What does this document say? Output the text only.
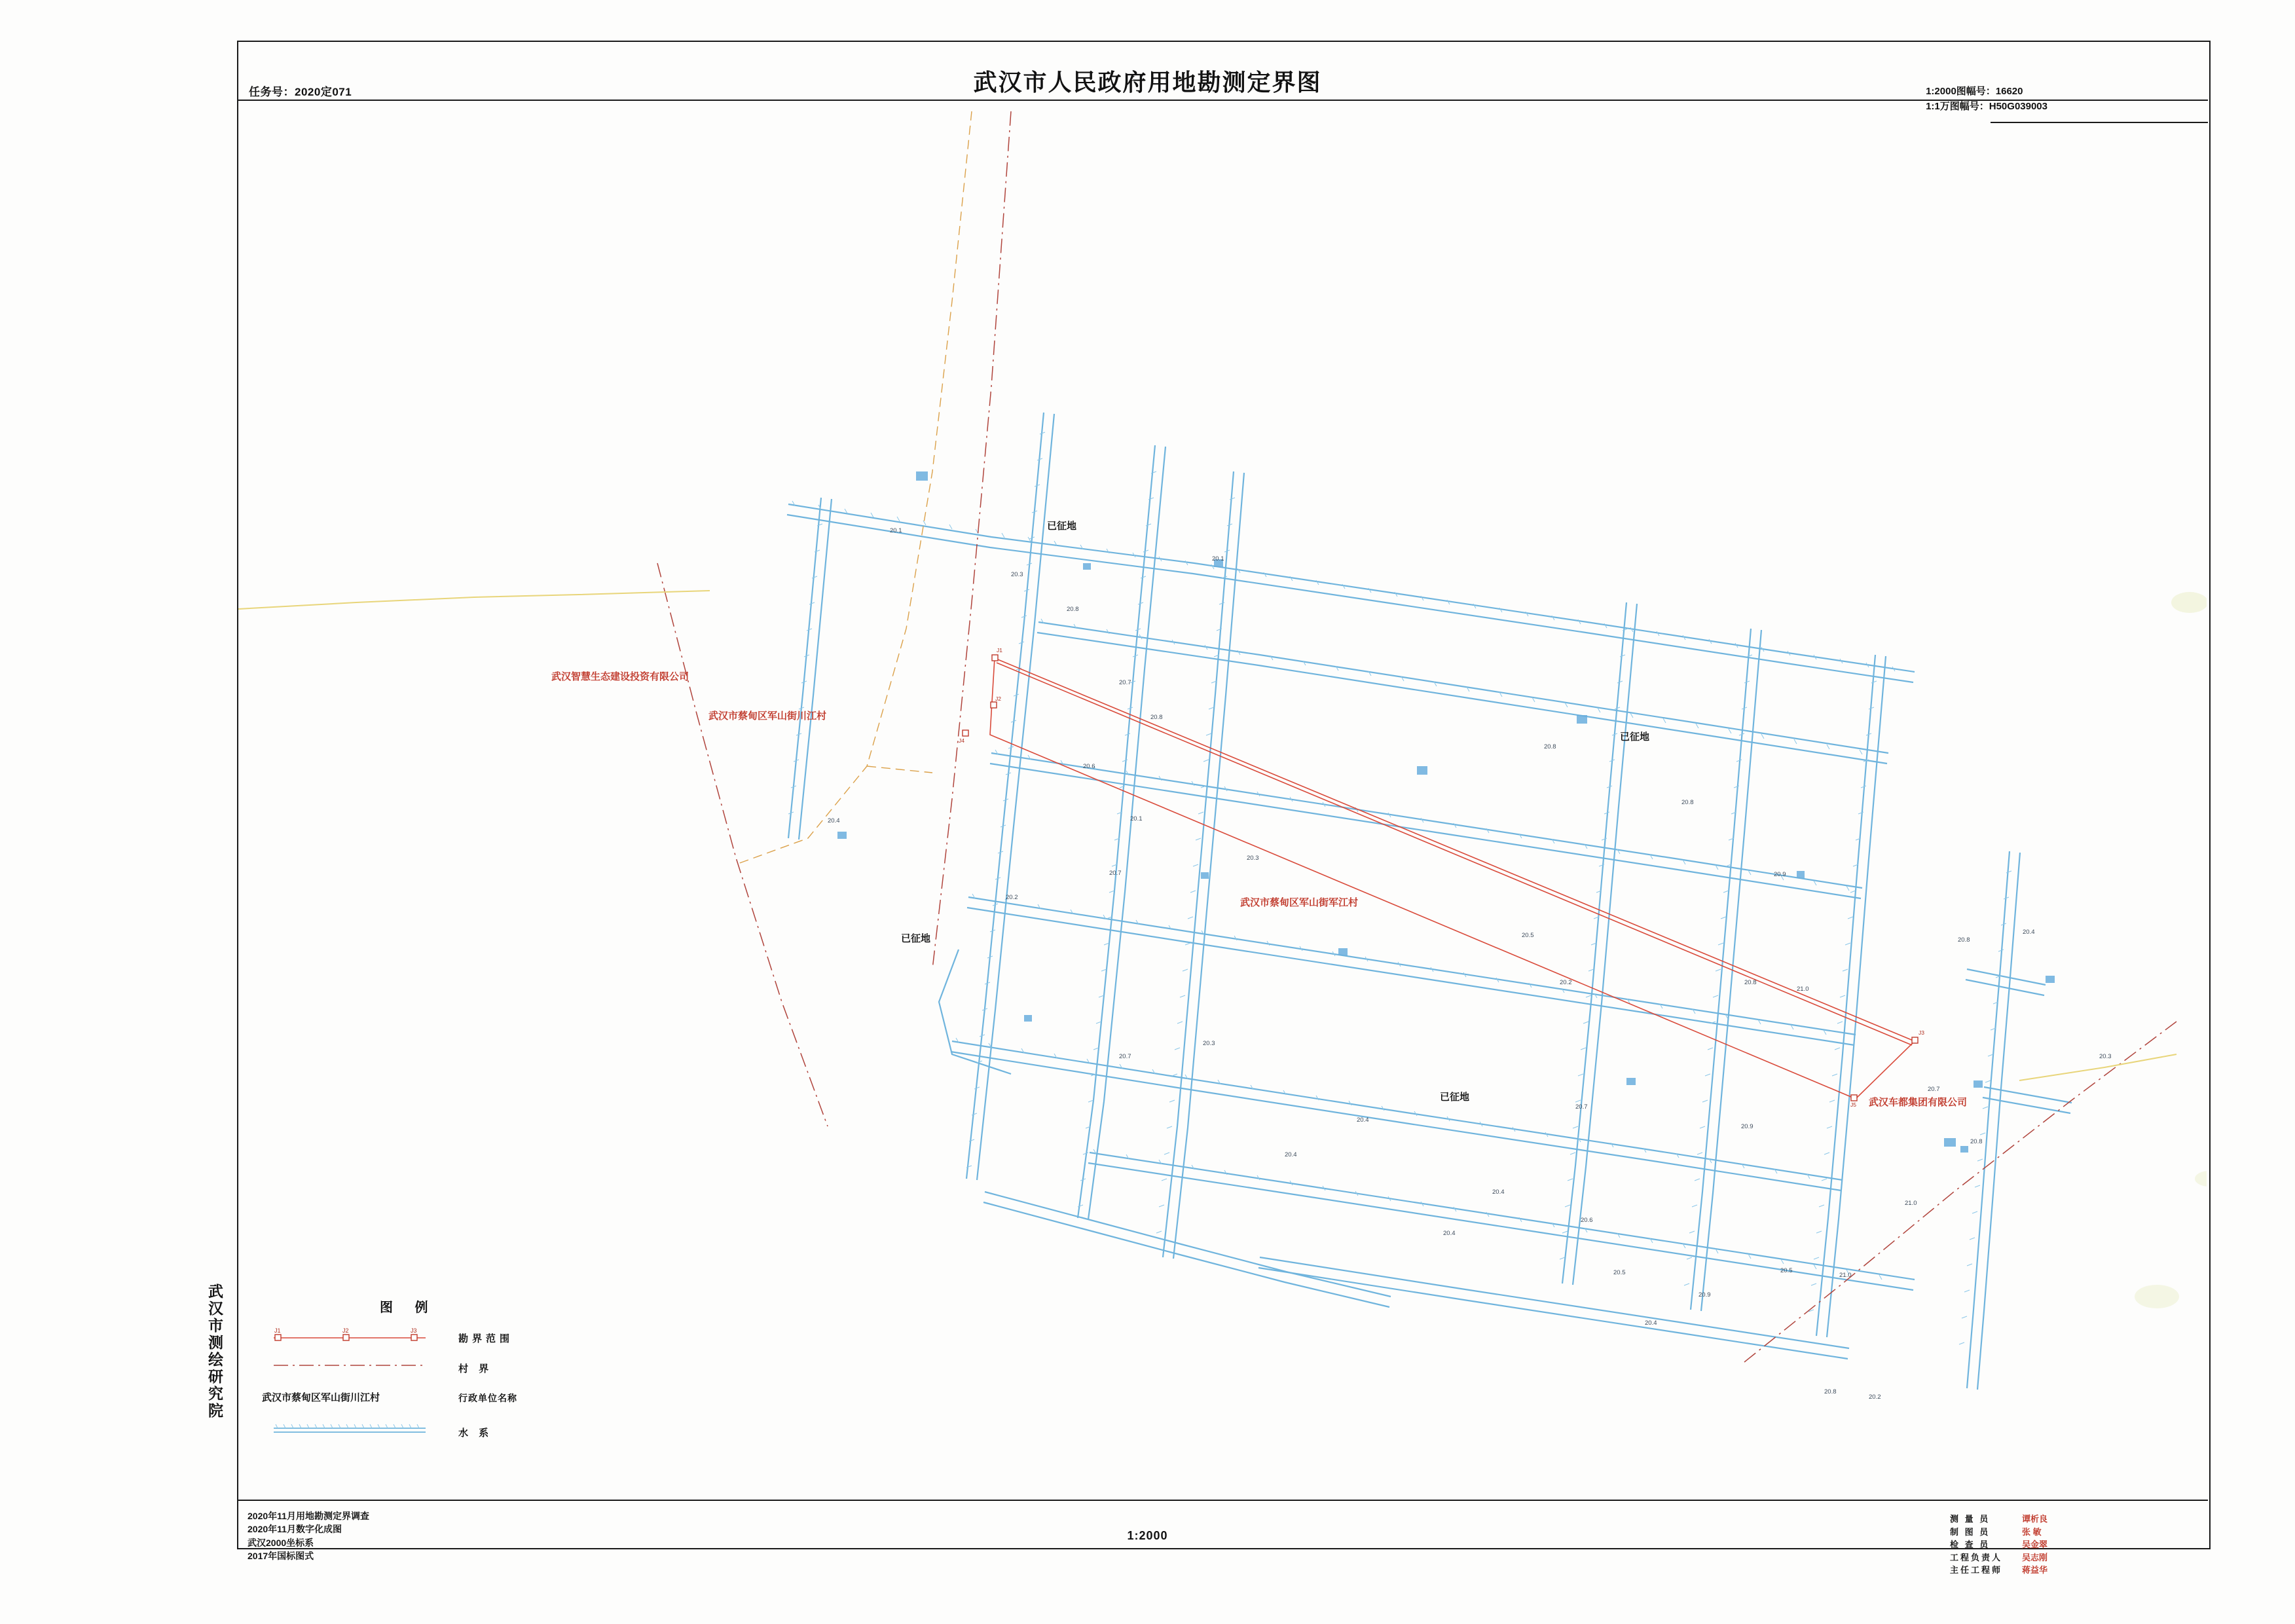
任务号：2020定071	武汉市人民政府用地勘测定界图	1:2000图幅号：16620
1:1万图幅号：H50G039003
武汉市测绘研究院
已征地
已征地
已征地
已征地
武汉智慧生态建设投资有限公司
武汉市蔡甸区军山街川江村
武汉市蔡甸区军山街军江村
武汉车都集团有限公司
J1
J2
J4
J3
J5
20.1
20.3
20.1
20.8
20.7
20.8
20.6
20.4	20.1
20.7
20.3
20.2
20.5
20.8
20.8
20.2	20.8
21.0
20.9
20.8
20.4
20.3
20.7
20.3
20.4
20.4
20.7
20.9
20.7
20.8
21.0
20.4
20.6
20.4
20.5	20.5
21.0
20.9
20.4
20.8
20.2
图 例
J1	J2	J3
勘界范围
村 界
武汉市蔡甸区军山街川江村	行政单位名称
水 系
2020年11月用地勘测定界调查
2020年11月数字化成图
武汉2000坐标系
2017年国标图式
1:2000
测 量 员	谭析良
制 图 员	张 敏
检 查 员	吴金翠
工程负责人 吴志刚
主任工程师 蒋益华
